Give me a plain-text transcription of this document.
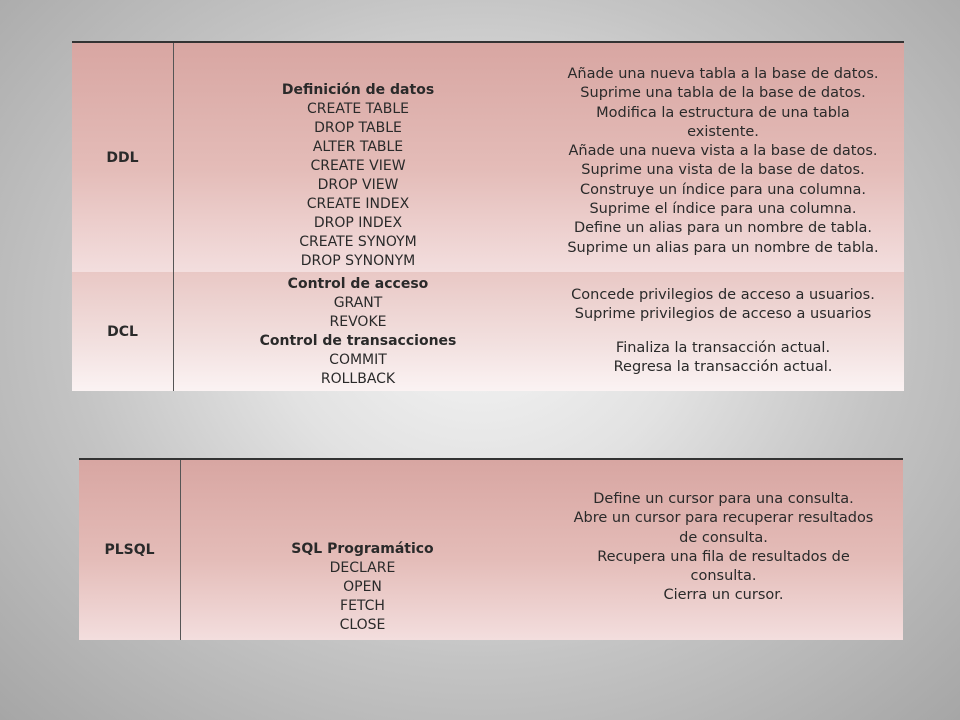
DDL
Definición de datos
CREATE TABLE
DROP TABLE
ALTER TABLE
CREATE VIEW
DROP VIEW
CREATE INDEX
DROP INDEX
CREATE SYNOYM
DROP SYNONYM
Añade una nueva tabla a la base de datos.
Suprime una tabla de la base de datos.
Modifica la estructura de una tabla
existente.
Añade una nueva vista a la base de datos.
Suprime una vista de la base de datos.
Construye un índice para una columna.
Suprime el índice para una columna.
Define un alias para un nombre de tabla.
Suprime un alias para un nombre de tabla.
DCL
Control de acceso
GRANT
REVOKE
Control de transacciones
COMMIT
ROLLBACK
Concede privilegios de acceso a usuarios.
Suprime privilegios de acceso a usuarios
Finaliza la transacción actual.
Regresa la transacción actual.
PLSQL	SQL Programático
DECLARE
OPEN
FETCH
CLOSE
Define un cursor para una consulta.
Abre un cursor para recuperar resultados
de consulta.
Recupera una fila de resultados de
consulta.
Cierra un cursor.
